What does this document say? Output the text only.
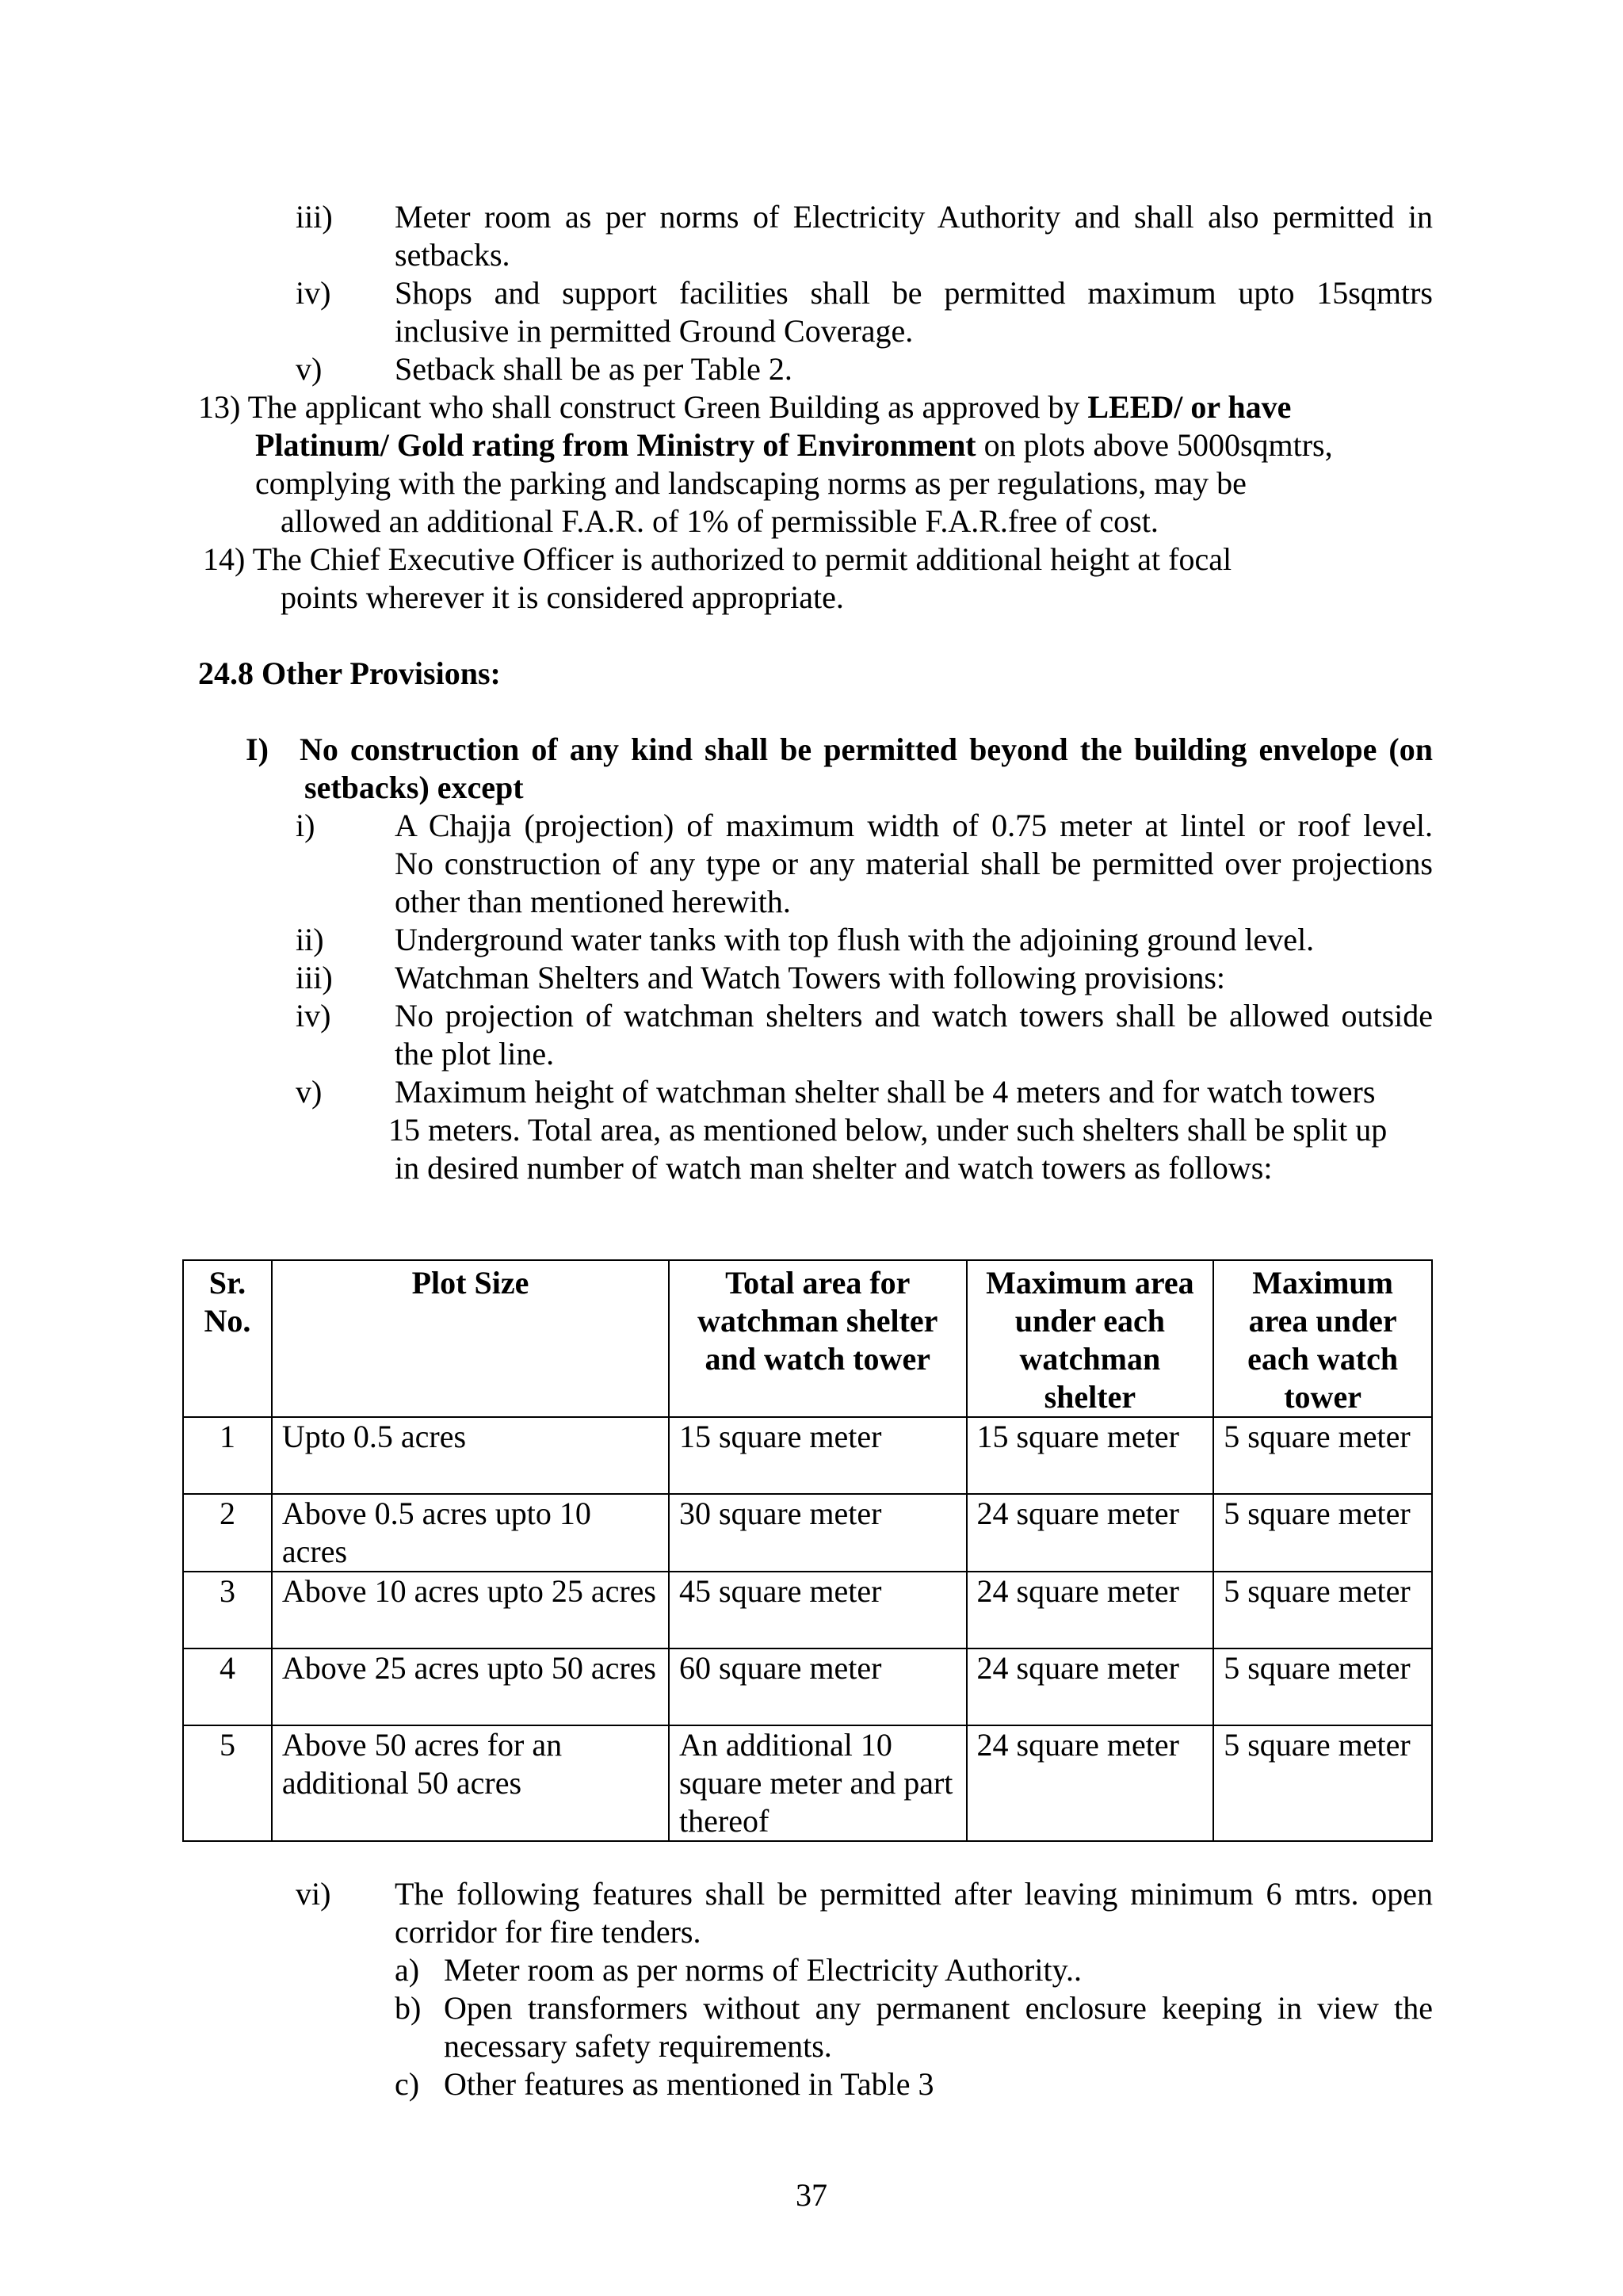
iii) Meter room as per norms of Electricity Authority and shall also permitted in
setbacks.
iv) Shops and support facilities shall be permitted maximum upto 15sqmtrs
inclusive in permitted Ground Coverage.
v) Setback shall be as per Table 2.
13) The applicant who shall construct Green Building as approved by LEED/ or have
Platinum/ Gold rating from Ministry of Environment on plots above 5000sqmtrs,
complying with the parking and landscaping norms as per regulations, may be
allowed an additional F.A.R. of 1% of permissible F.A.R.free of cost.
14) The Chief Executive Officer is authorized to permit additional height at focal
points wherever it is considered appropriate.
24.8 Other Provisions:
I) No construction of any kind shall be permitted beyond the building envelope (on
setbacks) except
i)	A Chajja (projection) of maximum width of 0.75 meter at lintel or roof level.
No construction of any type or any material shall be permitted over projections
other than mentioned herewith.
ii) Underground water tanks with top flush with the adjoining ground level.
iii) Watchman Shelters and Watch Towers with following provisions:
iv) No projection of watchman shelters and watch towers shall be allowed outside
the plot line.
v) Maximum height of watchman shelter shall be 4 meters and for watch towers
15 meters. Total area, as mentioned below, under such shelters shall be split up
in desired number of watch man shelter and watch towers as follows:
Sr. No.	Plot Size	Total area for watchman shelter and watch tower	Maximum area under each watchman shelter	Maximum area under each watch tower
1	Upto 0.5 acres	15 square meter	15 square meter	5 square meter
2	Above 0.5 acres upto 10 acres	30 square meter	24 square meter	5 square meter
3	Above 10 acres upto 25 acres	45 square meter	24 square meter	5 square meter
4	Above 25 acres upto 50 acres	60 square meter	24 square meter	5 square meter
5	Above 50 acres for an additional 50 acres	An additional 10 square meter and part thereof	24 square meter	5 square meter
vi) The following features shall be permitted after leaving minimum 6 mtrs. open
corridor for fire tenders.
a) Meter room as per norms of Electricity Authority..
b) Open transformers without any permanent enclosure keeping in view the
necessary safety requirements.
c) Other features as mentioned in Table 3
37
